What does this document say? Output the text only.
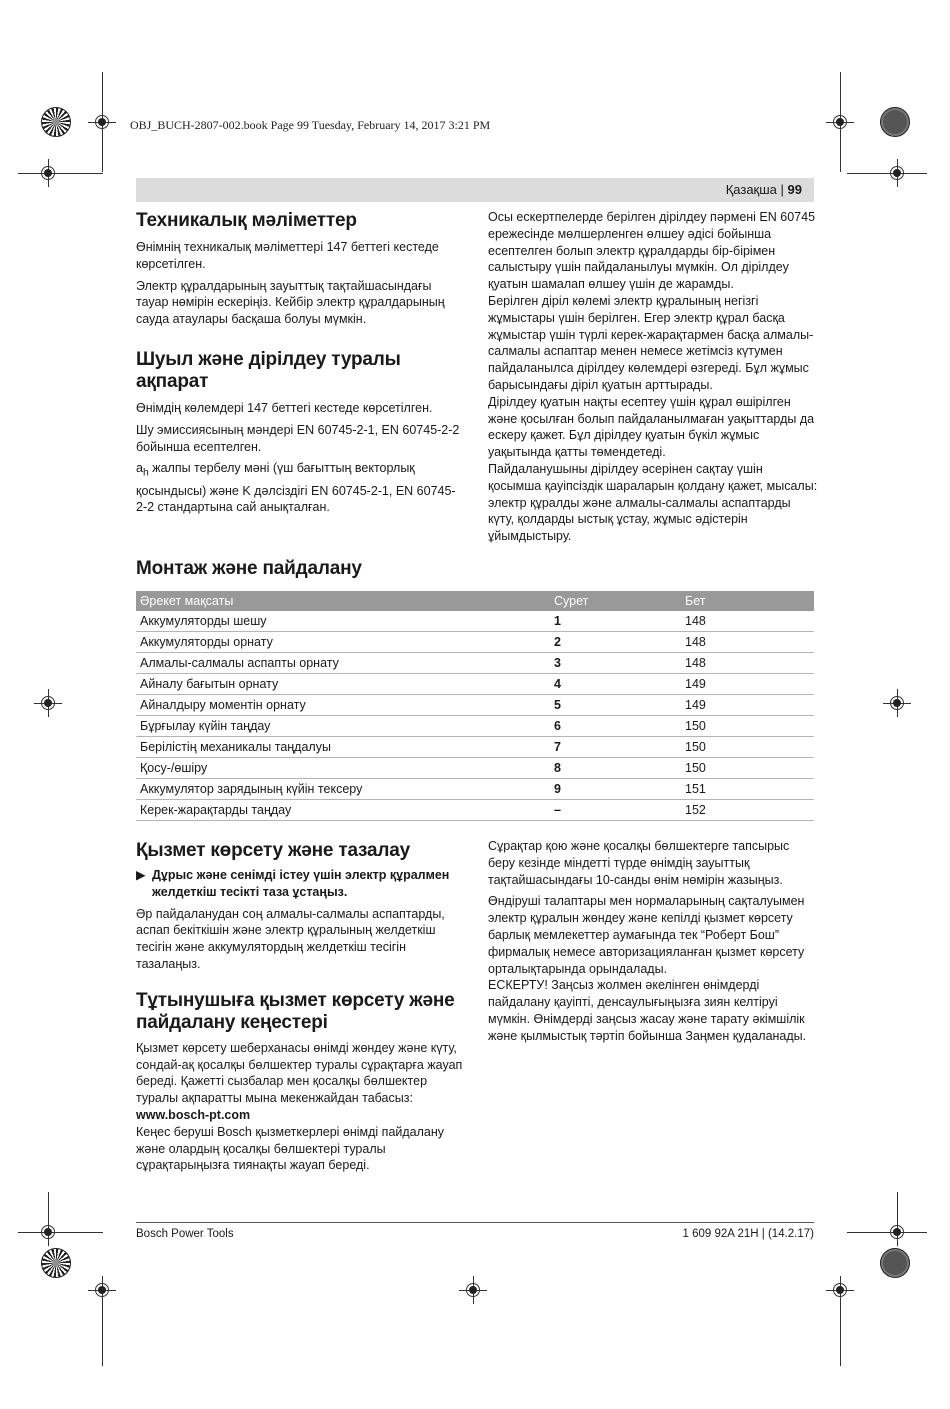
OBJ_BUCH-2807-002.book Page 99 Tuesday, February 14, 2017 3:21 PM
Қазақша | 99
Техникалық мәліметтер

Өнімнің техникалық мәліметтері 147 беттегі кестеде көрсетілген.

Электр құралдарының зауыттық тақтайшасындағы тауар нөмірін ескеріңіз. Кейбір электр құралдарының сауда атаулары басқаша болуы мүмкін.

Шуыл және дірілдеу туралы ақпарат

Өнімдің көлемдері 147 беттегі кестеде көрсетілген.

Шу эмиссиясының мәндері EN 60745-2-1, EN 60745-2-2 бойынша есептелген.

$a_h$ жалпы тербелу мәні (үш бағыттың векторлық қосындысы) және K дәлсіздігі EN 60745-2-1, EN 60745-2-2 стандартына сай анықталған.

Осы ескертпелерде берілген дірілдеу пәрмені EN 60745 ережесінде мөлшерленген өлшеу әдісі бойынша есептелген болып электр құралдарды бір-бірімен салыстыру үшін пайдаланылуы мүмкін. Ол дірілдеу қуатын шамалап өлшеу үшін де жарамды.

Берілген діріл көлемі электр құралының негізгі жұмыстары үшін берілген. Егер электр құрал басқа жұмыстар үшін түрлі керек-жарақтармен басқа алмалы-салмалы аспаптар менен немесе жетімсіз күтумен пайдаланылса дірілдеу көлемдері өзгереді. Бұл жұмыс барысындағы діріл қуатын арттырады.

Дірілдеу қуатын нақты есептеу үшін құрал өшірілген және қосылған болып пайдаланылмаған уақыттарды да ескеру қажет. Бұл дірілдеу қуатын бүкіл жұмыс уақытында қатты төмендетеді.

Пайдаланушыны дірілдеу әсерінен сақтау үшін қосымша қауіпсіздік шараларын қолдану қажет, мысалы: электр құралды және алмалы-салмалы аспаптарды күту, қолдарды ыстық ұстау, жұмыс әдістерін ұйымдыстыру.

Монтаж және пайдалану
Әрекет мақсаты	Сурет	Бет
Аккумуляторды шешу	1	148
Аккумуляторды орнату	2	148
Алмалы-салмалы аспапты орнату	3	148
Айналу бағытын орнату	4	149
Айналдыру моментін орнату	5	149
Бұрғылау күйін таңдау	6	150
Берілістің механикалы таңдалуы	7	150
Қосу-/өшіру	8	150
Аккумулятор зарядының күйін тексеру	9	151
Керек-жарақтарды таңдау	–	152
Қызмет көрсету және тазалау

▶ Дұрыс және сенімді істеу үшін электр құралмен желдеткіш тесікті таза ұстаңыз.

Әр пайдаланудан соң алмалы-салмалы аспаптарды, аспап бекіткішін және электр құралының желдеткіш тесігін және аккумулятордың желдеткіш тесігін тазалаңыз.

Тұтынушыға қызмет көрсету және пайдалану кеңестері

Қызмет көрсету шеберханасы өнімді жөндеу және күту, сондай-ақ қосалқы бөлшектер туралы сұрақтарға жауап береді. Қажетті сызбалар мен қосалқы бөлшектер туралы ақпаратты мына мекенжайдан табасыз:

www.bosch-pt.com

Кеңес беруші Bosch қызметкерлері өнімді пайдалану және олардың қосалқы бөлшектері туралы сұрақтарыңызға тиянақты жауап береді.

Сұрақтар қою және қосалқы бөлшектерге тапсырыс беру кезінде міндетті түрде өнімдің зауыттық тақтайшасындағы 10-санды өнім нөмірін жазыңыз.

Өндіруші талаптары мен нормаларының сақталуымен электр құралын жөндеу және кепілді қызмет көрсету барлық мемлекеттер аумағында тек “Роберт Бош” фирмалық немесе авторизацияланған қызмет көрсету орталықтарында орындалады.

ЕСКЕРТУ! Заңсыз жолмен әкелінген өнімдерді пайдалану қауіпті, денсаулығыңызға зиян келтіруі мүмкін. Өнімдерді заңсыз жасау және тарату әкімшілік және қылмыстық тәртіп бойынша Заңмен қудаланады.

Bosch Power Tools	1 609 92A 21H | (14.2.17)
